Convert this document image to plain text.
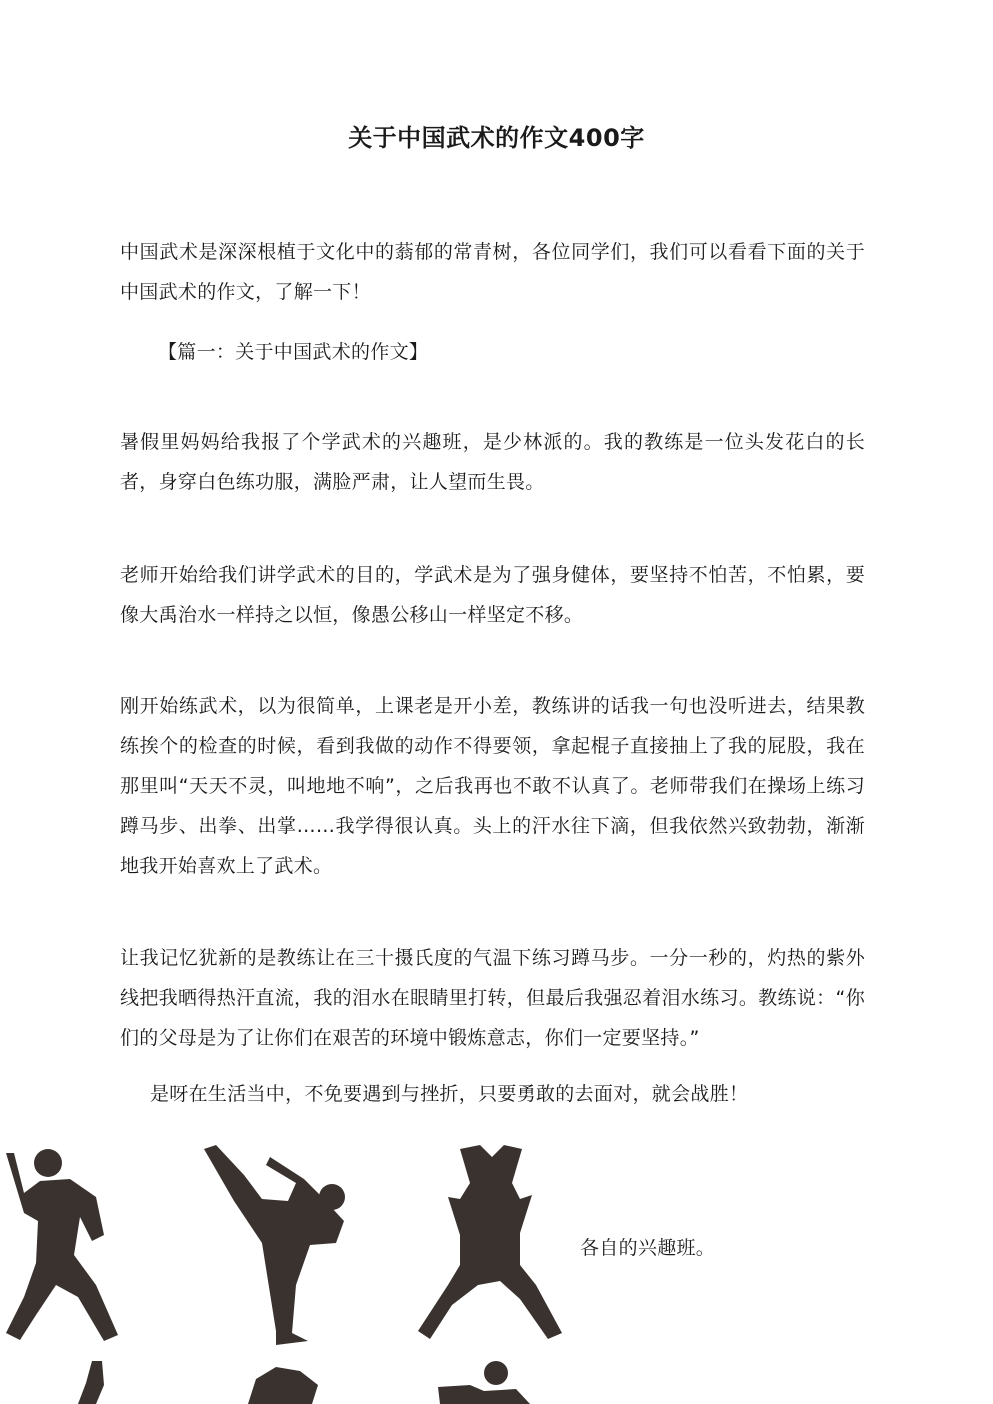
关于中国武术的作文400字

中国武术是深深根植于文化中的蓊郁的常青树，各位同学们，我们可以看看下面的关于中国武术的作文，了解一下！

【篇一：关于中国武术的作文】

暑假里妈妈给我报了个学武术的兴趣班，是少林派的。我的教练是一位头发花白的长者，身穿白色练功服，满脸严肃，让人望而生畏。

老师开始给我们讲学武术的目的，学武术是为了强身健体，要坚持不怕苦，不怕累，要像大禹治水一样持之以恒，像愚公移山一样坚定不移。

刚开始练武术，以为很简单，上课老是开小差，教练讲的话我一句也没听进去，结果教练挨个的检查的时候，看到我做的动作不得要领，拿起棍子直接抽上了我的屁股，我在那里叫“天天不灵，叫地地不响”，之后我再也不敢不认真了。老师带我们在操场上练习蹲马步、出拳、出掌……我学得很认真。头上的汗水往下滴，但我依然兴致勃勃，渐渐地我开始喜欢上了武术。

让我记忆犹新的是教练让在三十摄氏度的气温下练习蹲马步。一分一秒的，灼热的紫外线把我晒得热汗直流，我的泪水在眼睛里打转，但最后我强忍着泪水练习。教练说：“你们的父母是为了让你们在艰苦的环境中锻炼意志，你们一定要坚持。”

是呀在生活当中，不免要遇到与挫折，只要勇敢的去面对，就会战胜！

各自的兴趣班。
